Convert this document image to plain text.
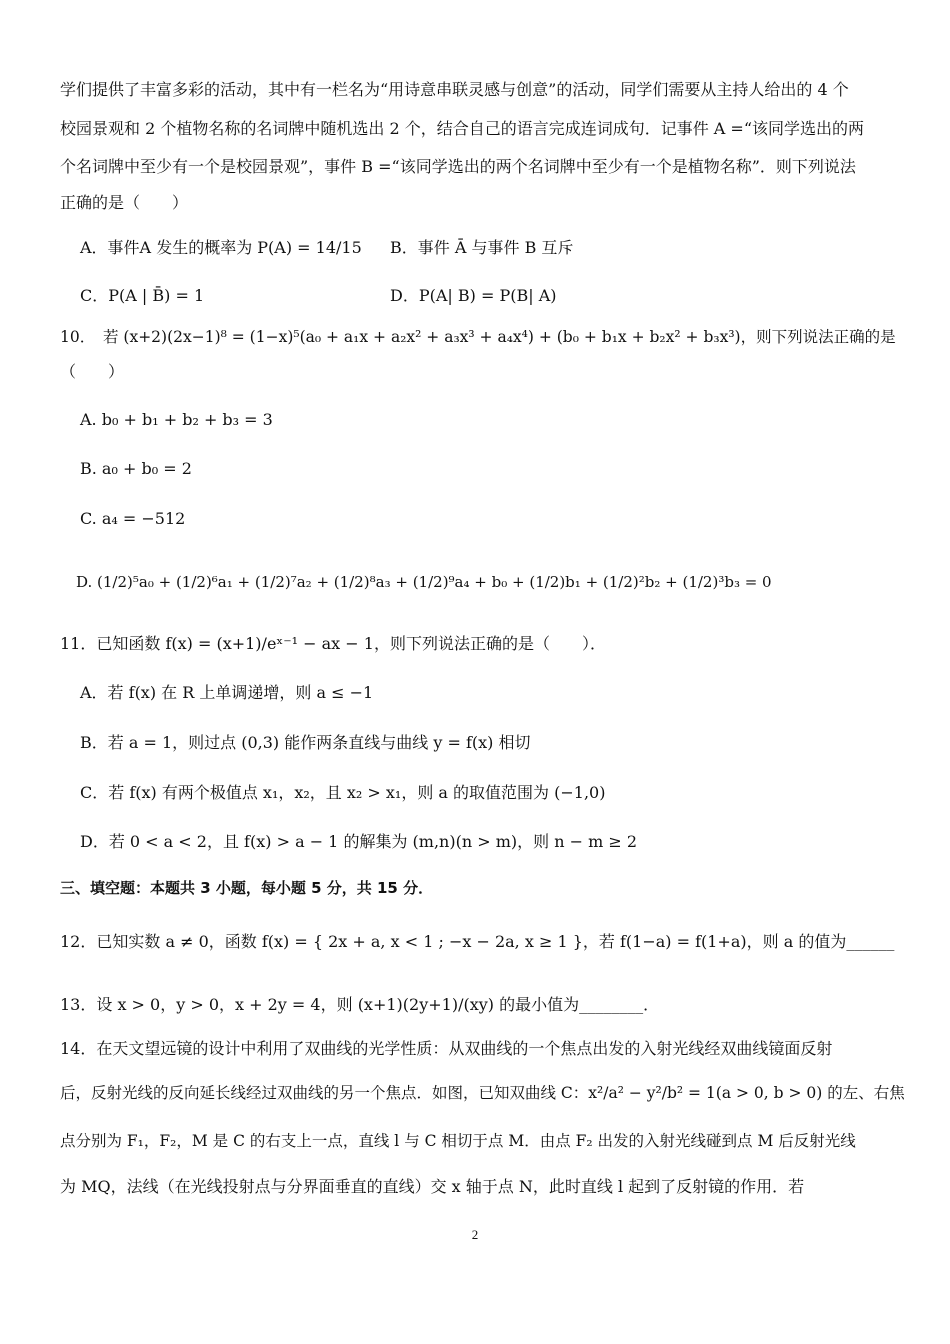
学们提供了丰富多彩的活动，其中有一栏名为“用诗意串联灵感与创意”的活动，同学们需要从主持人给出的 4 个
校园景观和 2 个植物名称的名词牌中随机选出 2 个，结合自己的语言完成连词成句．记事件 A =“该同学选出的两
个名词牌中至少有一个是校园景观”，事件 B =“该同学选出的两个名词牌中至少有一个是植物名称”．则下列说法
正确的是（　　）
A．事件A 发生的概率为 P(A) = 14/15	B．事件 Ā 与事件 B 互斥
C．P(A | B̄) = 1	D．P(A| B) = P(B| A)
10．　若 (x+2)(2x−1)⁸ = (1−x)⁵(a₀ + a₁x + a₂x² + a₃x³ + a₄x⁴) + (b₀ + b₁x + b₂x² + b₃x³)，则下列说法正确的是
（　　）
A. b₀ + b₁ + b₂ + b₃ = 3
B. a₀ + b₀ = 2
C. a₄ = −512
D. (1/2)⁵a₀ + (1/2)⁶a₁ + (1/2)⁷a₂ + (1/2)⁸a₃ + (1/2)⁹a₄ + b₀ + (1/2)b₁ + (1/2)²b₂ + (1/2)³b₃ = 0
11．已知函数 f(x) = (x+1)/eˣ⁻¹ − ax − 1，则下列说法正确的是（　　）．
A．若 f(x) 在 R 上单调递增，则 a ≤ −1
B．若 a = 1，则过点 (0,3) 能作两条直线与曲线 y = f(x) 相切
C．若 f(x) 有两个极值点 x₁，x₂，且 x₂ > x₁，则 a 的取值范围为 (−1,0)
D．若 0 < a < 2，且 f(x) > a − 1 的解集为 (m,n)(n > m)，则 n − m ≥ 2
三、填空题：本题共 3 小题，每小题 5 分，共 15 分．
12．已知实数 a ≠ 0，函数 f(x) = { 2x + a, x < 1 ; −x − 2a, x ≥ 1 }，若 f(1−a) = f(1+a)，则 a 的值为______
13．设 x > 0，y > 0，x + 2y = 4，则 (x+1)(2y+1)/(xy) 的最小值为________．
14．在天文望远镜的设计中利用了双曲线的光学性质：从双曲线的一个焦点出发的入射光线经双曲线镜面反射
后，反射光线的反向延长线经过双曲线的另一个焦点．如图，已知双曲线 C：x²/a² − y²/b² = 1(a > 0, b > 0) 的左、右焦
点分别为 F₁，F₂，M 是 C 的右支上一点，直线 l 与 C 相切于点 M．由点 F₂ 出发的入射光线碰到点 M 后反射光线
为 MQ，法线（在光线投射点与分界面垂直的直线）交 x 轴于点 N，此时直线 l 起到了反射镜的作用．若
2
